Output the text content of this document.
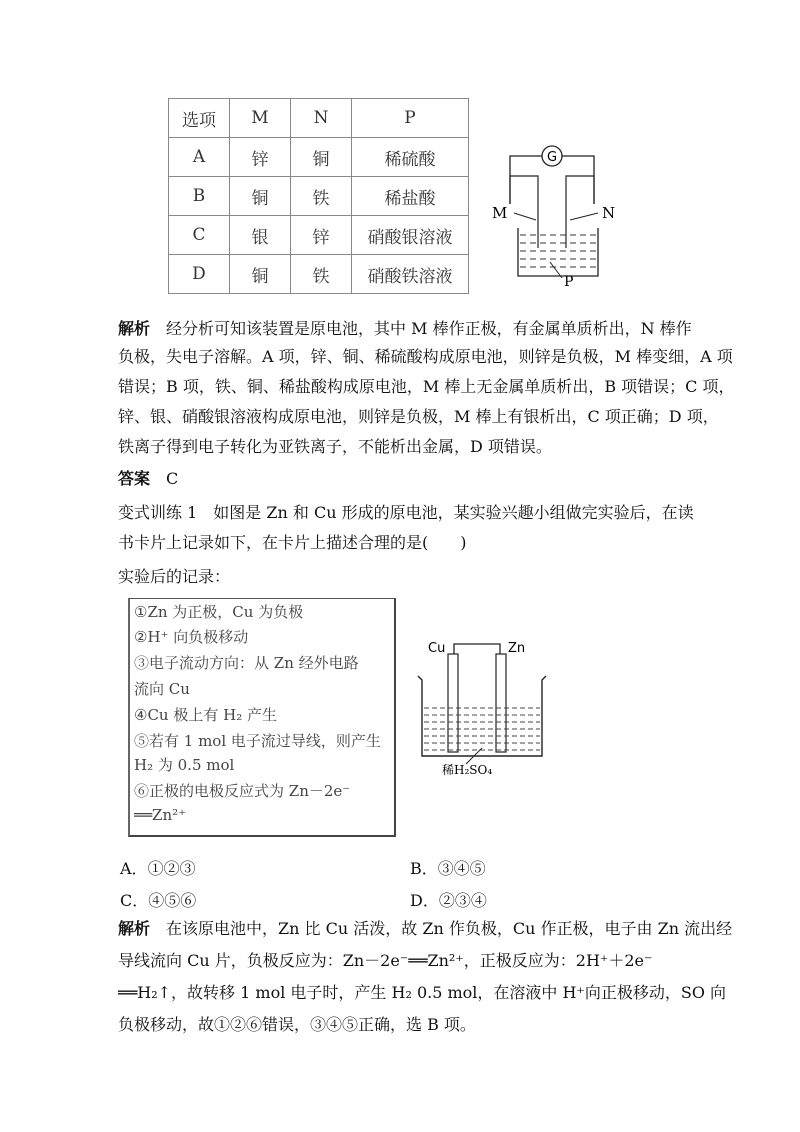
选项	M	N	P
A	锌	铜	稀硫酸
B	铜	铁	稀盐酸
C	银	锌	硝酸银溶液
D	铜	铁	硝酸铁溶液
G
M	N
P
解析　 经分析可知该装置是原电池，其中 M 棒作正极，有金属单质析出，N 棒作
负极，失电子溶解。A 项，锌、铜、稀硫酸构成原电池，则锌是负极，M 棒变细，A 项
错误；B 项，铁、铜、稀盐酸构成原电池，M 棒上无金属单质析出，B 项错误；C 项，
锌、银、硝酸银溶液构成原电池，则锌是负极，M 棒上有银析出，C 项正确；D 项，
铁离子得到电子转化为亚铁离子，不能析出金属，D 项错误。
答案　 C
变式训练 1　如图是 Zn 和 Cu 形成的原电池，某实验兴趣小组做完实验后，在读
书卡片上记录如下，在卡片上描述合理的是(　　)
实验后的记录：
①Zn 为正极，Cu 为负极
②H⁺ 向负极移动
③电子流动方向：从 Zn 经外电路
流向 Cu
④Cu 极上有 H₂ 产生
⑤若有 1 mol 电子流过导线，则产生
H₂ 为 0.5 mol
⑥正极的电极反应式为 Zn－2e⁻
══Zn²⁺
Cu	Zn
稀H₂SO₄
A．①②③	B．③④⑤
C．④⑤⑥	D．②③④
解析　 在该原电池中，Zn 比 Cu 活泼，故 Zn 作负极，Cu 作正极，电子由 Zn 流出经
导线流向 Cu 片，负极反应为：Zn－2e⁻══Zn²⁺，正极反应为：2H⁺＋2e⁻
══H₂↑，故转移 1 mol 电子时，产生 H₂ 0.5 mol，在溶液中 H⁺向正极移动，SO 向
负极移动，故①②⑥错误，③④⑤正确，选 B 项。
